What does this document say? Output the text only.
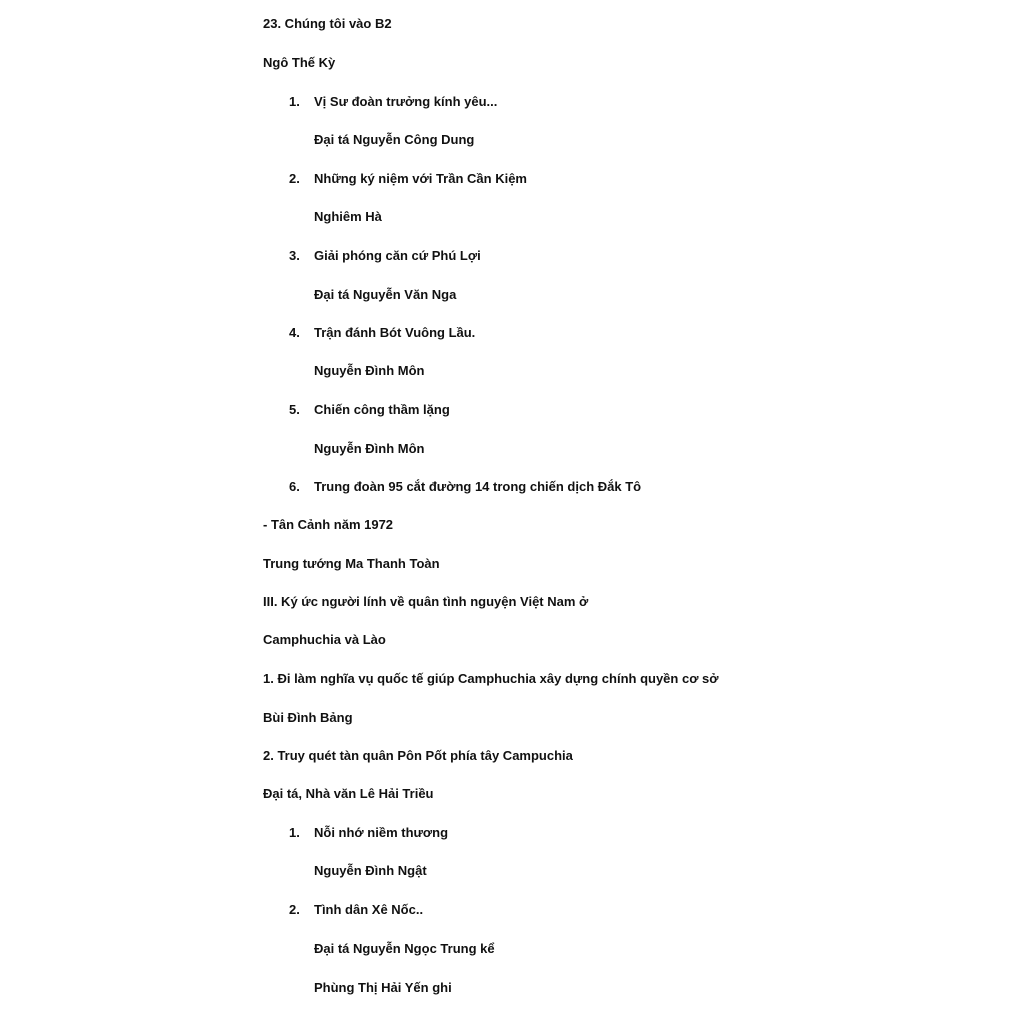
23. Chúng tôi vào B2
Ngô Thế Kỳ
1. Vị Sư đoàn trưởng kính yêu...
Đại tá Nguyễn Công Dung
2. Những ký niệm với Trần Cần Kiệm
Nghiêm Hà
3. Giải phóng căn cứ Phú Lợi
Đại tá Nguyễn Văn Nga
4. Trận đánh Bót Vuông Lầu.
Nguyễn Đình Môn
5. Chiến công thầm lặng
Nguyễn Đình Môn
6. Trung đoàn 95 cắt đường 14 trong chiến dịch Đắk Tô
- Tân Cảnh năm 1972
Trung tướng Ma Thanh Toàn
III. Ký ức người lính về quân tình nguyện Việt Nam ở
Camphuchia và Lào
1. Đi làm nghĩa vụ quốc tế giúp Camphuchia xây dựng chính quyền cơ sở
Bùi Đình Bảng
2. Truy quét tàn quân Pôn Pốt phía tây Campuchia
Đại tá, Nhà văn Lê Hải Triều
1. Nỗi nhớ niềm thương
Nguyễn Đình Ngật
2. Tình dân Xê Nốc..
Đại tá Nguyễn Ngọc Trung kể
Phùng Thị Hải Yến ghi
